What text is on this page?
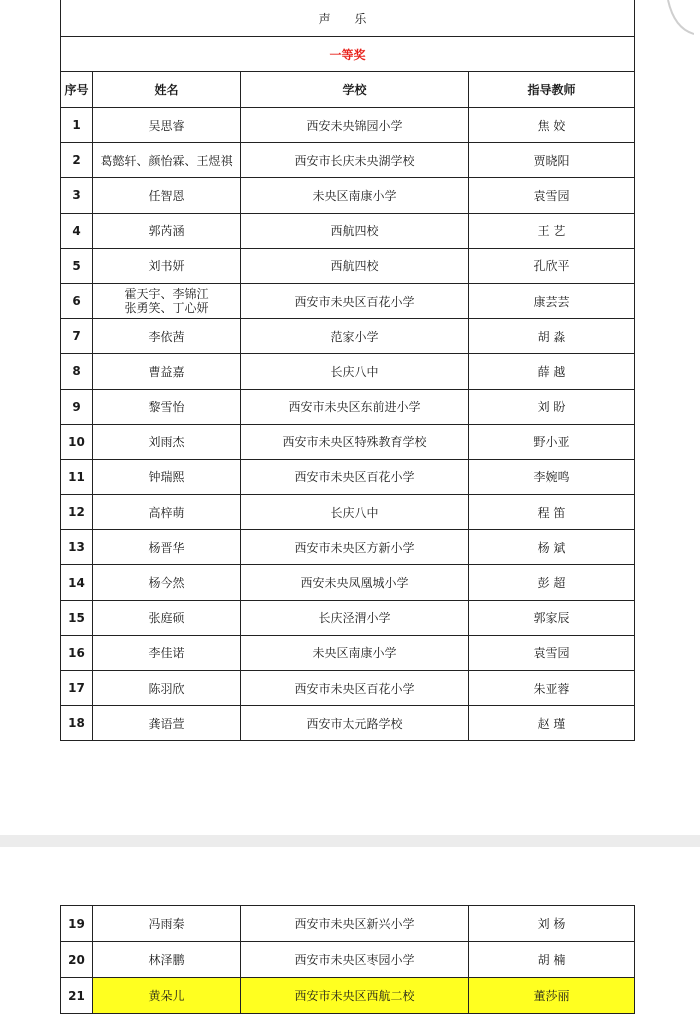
声 乐			
一等奖			
序号	姓名	学校	指导教师
1	吴思睿	西安未央锦园小学	焦 姣
2	葛懿轩、颜怡霖、王煜祺	西安市长庆未央湖学校	贾晓阳
3	任智恩	未央区南康小学	袁雪园
4	郭芮涵	西航四校	王 艺
5	刘书妍	西航四校	孔欣平
6	霍天宇、李锦江
张勇笑、丁心妍	西安市未央区百花小学	康芸芸
7	李依茜	范家小学	胡 淼
8	曹益嘉	长庆八中	薛 越
9	黎雪怡	西安市未央区东前进小学	刘 盼
10	刘雨杰	西安市未央区特殊教育学校	野小亚
11	钟瑞熙	西安市未央区百花小学	李婉鸣
12	高梓萌	长庆八中	程 笛
13	杨晋华	西安市未央区方新小学	杨 斌
14	杨今然	西安未央凤凰城小学	彭 超
15	张庭硕	长庆泾渭小学	郭家辰
16	李佳诺	未央区南康小学	袁雪园
17	陈羽欣	西安市未央区百花小学	朱亚蓉
18	龚语萱	西安市太元路学校	赵 瑾
19	冯雨秦	西安市未央区新兴小学	刘 杨
20	林泽鹏	西安市未央区枣园小学	胡 楠
21	黄朵儿	西安市未央区西航二校	董莎丽
